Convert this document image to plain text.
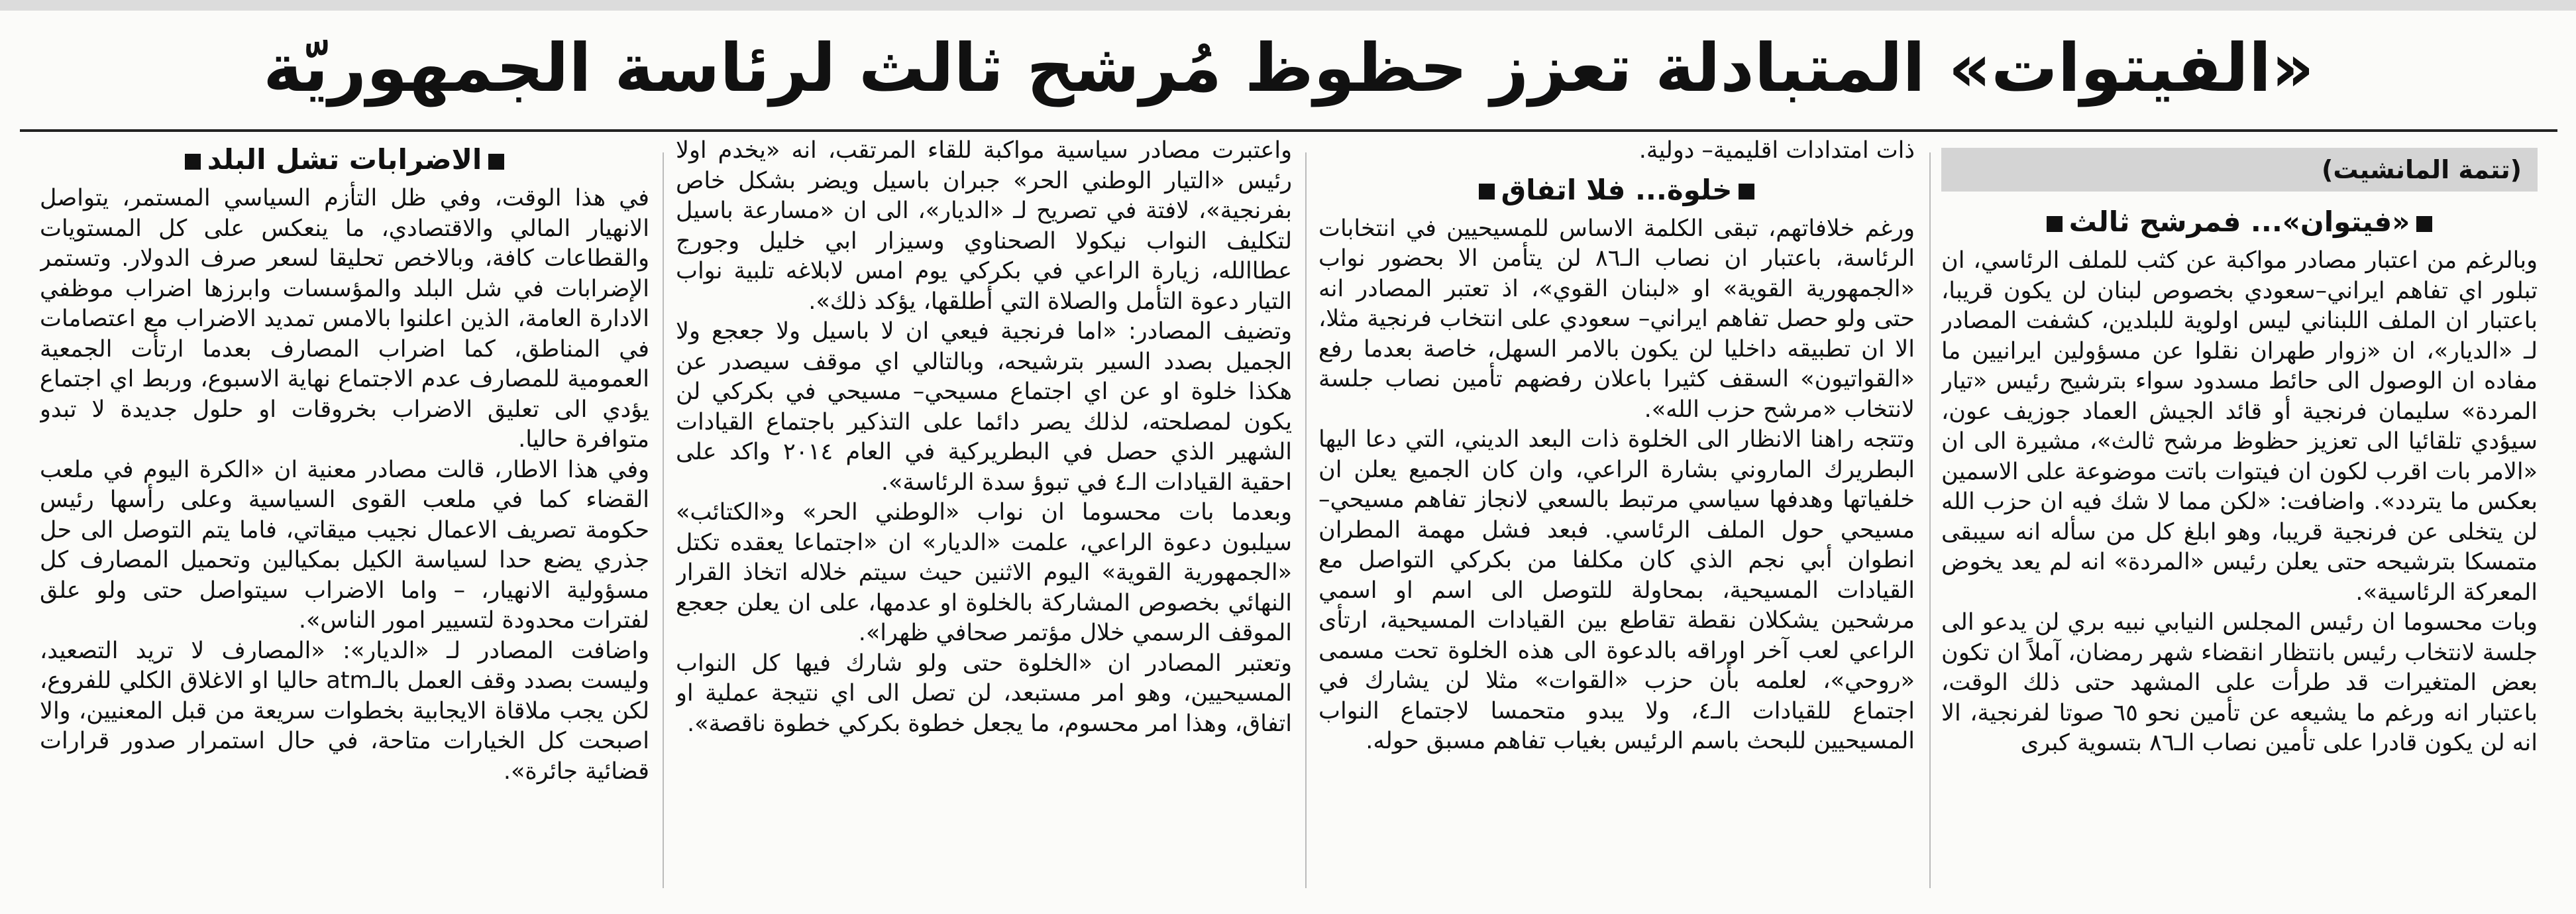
«الفيتوات» المتبادلة تعزز حظوظ مُرشح ثالث لرئاسة الجمهوريّة
(تتمة المانشيت)
«فيتوان»... فمرشح ثالث

وبالرغم من اعتبار مصادر مواكبة عن كثب للملف الرئاسي، ان تبلور اي تفاهم ايراني–سعودي بخصوص لبنان لن يكون قريبا، باعتبار ان الملف اللبناني ليس اولوية للبلدين، كشفت المصادر لـ «الديار»، ان «زوار طهران نقلوا عن مسؤولين ايرانيين ما مفاده ان الوصول الى حائط مسدود سواء بترشيح رئيس «تيار المردة» سليمان فرنجية أو قائد الجيش العماد جوزيف عون، سيؤدي تلقائيا الى تعزيز حظوظ مرشح ثالث»، مشيرة الى ان «الامر بات اقرب لكون ان فيتوات باتت موضوعة على الاسمين بعكس ما يتردد». واضافت: «لكن مما لا شك فيه ان حزب الله لن يتخلى عن فرنجية قريبا، وهو ابلغ كل من سأله انه سيبقى متمسكا بترشيحه حتى يعلن رئيس «المردة» انه لم يعد يخوض المعركة الرئاسية».

وبات محسوما ان رئيس المجلس النيابي نبيه بري لن يدعو الى جلسة لانتخاب رئيس بانتظار انقضاء شهر رمضان، آملاً ان تكون بعض المتغيرات قد طرأت على المشهد حتى ذلك الوقت، باعتبار انه ورغم ما يشيعه عن تأمين نحو ٦٥ صوتا لفرنجية، الا انه لن يكون قادرا على تأمين نصاب الـ٨٦ بتسوية كبرى

ذات امتدادات اقليمية– دولية.

خلوة... فلا اتفاق

ورغم خلافاتهم، تبقى الكلمة الاساس للمسيحيين في انتخابات الرئاسة، باعتبار ان نصاب الـ٨٦ لن يتأمن الا بحضور نواب «الجمهورية القوية» او «لبنان القوي»، اذ تعتبر المصادر انه حتى ولو حصل تفاهم ايراني– سعودي على انتخاب فرنجية مثلا، الا ان تطبيقه داخليا لن يكون بالامر السهل، خاصة بعدما رفع «القواتيون» السقف كثيرا باعلان رفضهم تأمين نصاب جلسة لانتخاب «مرشح حزب الله».

وتتجه راهنا الانظار الى الخلوة ذات البعد الديني، التي دعا اليها البطريرك الماروني بشارة الراعي، وان كان الجميع يعلن ان خلفياتها وهدفها سياسي مرتبط بالسعي لانجاز تفاهم مسيحي– مسيحي حول الملف الرئاسي. فبعد فشل مهمة المطران انطوان أبي نجم الذي كان مكلفا من بكركي التواصل مع القيادات المسيحية، بمحاولة للتوصل الى اسم او اسمي مرشحين يشكلان نقطة تقاطع بين القيادات المسيحية، ارتأى الراعي لعب آخر اوراقه بالدعوة الى هذه الخلوة تحت مسمى «روحي»، لعلمه بأن حزب «القوات» مثلا لن يشارك في اجتماع للقيادات الـ٤، ولا يبدو متحمسا لاجتماع النواب المسيحيين للبحث باسم الرئيس بغياب تفاهم مسبق حوله.

واعتبرت مصادر سياسية مواكبة للقاء المرتقب، انه «يخدم اولا رئيس «التيار الوطني الحر» جبران باسيل ويضر بشكل خاص بفرنجية»، لافتة في تصريح لـ «الديار»، الى ان «مسارعة باسيل لتكليف النواب نيكولا الصحناوي وسيزار ابي خليل وجورج عطاالله، زيارة الراعي في بكركي يوم امس لابلاغه تلبية نواب التيار دعوة التأمل والصلاة التي أطلقها، يؤكد ذلك».

وتضيف المصادر: «اما فرنجية فيعي ان لا باسيل ولا جعجع ولا الجميل بصدد السير بترشيحه، وبالتالي اي موقف سيصدر عن هكذا خلوة او عن اي اجتماع مسيحي– مسيحي في بكركي لن يكون لمصلحته، لذلك يصر دائما على التذكير باجتماع القيادات الشهير الذي حصل في البطريركية في العام ٢٠١٤ واكد على احقية القيادات الـ٤ في تبوؤ سدة الرئاسة».

وبعدما بات محسوما ان نواب «الوطني الحر» و«الكتائب» سيلبون دعوة الراعي، علمت «الديار» ان «اجتماعا يعقده تكتل «الجمهورية القوية» اليوم الاثنين حيث سيتم خلاله اتخاذ القرار النهائي بخصوص المشاركة بالخلوة او عدمها، على ان يعلن جعجع الموقف الرسمي خلال مؤتمر صحافي ظهرا».

وتعتبر المصادر ان «الخلوة حتى ولو شارك فيها كل النواب المسيحيين، وهو امر مستبعد، لن تصل الى اي نتيجة عملية او اتفاق، وهذا امر محسوم، ما يجعل خطوة بكركي خطوة ناقصة».

الاضرابات تشل البلد

في هذا الوقت، وفي ظل التأزم السياسي المستمر، يتواصل الانهيار المالي والاقتصادي، ما ينعكس على كل المستويات والقطاعات كافة، وبالاخص تحليقا لسعر صرف الدولار. وتستمر الإضرابات في شل البلد والمؤسسات وابرزها اضراب موظفي الادارة العامة، الذين اعلنوا بالامس تمديد الاضراب مع اعتصامات في المناطق، كما اضراب المصارف بعدما ارتأت الجمعية العمومية للمصارف عدم الاجتماع نهاية الاسبوع، وربط اي اجتماع يؤدي الى تعليق الاضراب بخروقات او حلول جديدة لا تبدو متوافرة حاليا.

وفي هذا الاطار، قالت مصادر معنية ان «الكرة اليوم في ملعب القضاء كما في ملعب القوى السياسية وعلى رأسها رئيس حكومة تصريف الاعمال نجيب ميقاتي، فاما يتم التوصل الى حل جذري يضع حدا لسياسة الكيل بمكيالين وتحميل المصارف كل مسؤولية الانهيار، – واما الاضراب سيتواصل حتى ولو علق لفترات محدودة لتسيير امور الناس».

واضافت المصادر لـ «الديار»: «المصارف لا تريد التصعيد، وليست بصدد وقف العمل بالـatm حاليا او الاغلاق الكلي للفروع، لكن يجب ملاقاة الايجابية بخطوات سريعة من قبل المعنيين، والا اصبحت كل الخيارات متاحة، في حال استمرار صدور قرارات قضائية جائرة».
